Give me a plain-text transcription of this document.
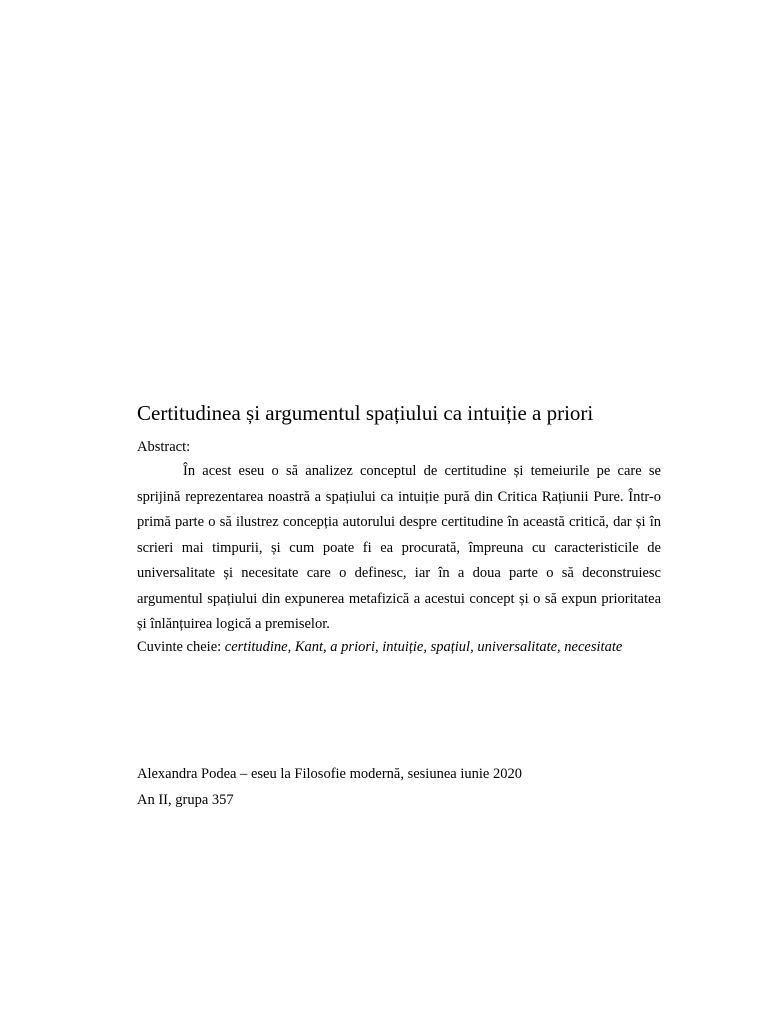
Certitudinea și argumentul spațiului ca intuiție a priori
Abstract:

În acest eseu o să analizez conceptul de certitudine și temeiurile pe care se sprijină reprezentarea noastră a spațiului ca intuiție pură din Critica Rațiunii Pure. Într-o primă parte o să ilustrez concepția autorului despre certitudine în această critică, dar și în scrieri mai timpurii, și cum poate fi ea procurată, împreuna cu caracteristicile de universalitate și necesitate care o definesc, iar în a doua parte o să deconstruiesc argumentul spațiului din expunerea metafizică a acestui concept și o să expun prioritatea și înlănțuirea logică a premiselor.

Cuvinte cheie: certitudine, Kant, a priori, intuiție, spațiul, universalitate, necesitate
Alexandra Podea – eseu la Filosofie modernă, sesiunea iunie 2020
An II, grupa 357
